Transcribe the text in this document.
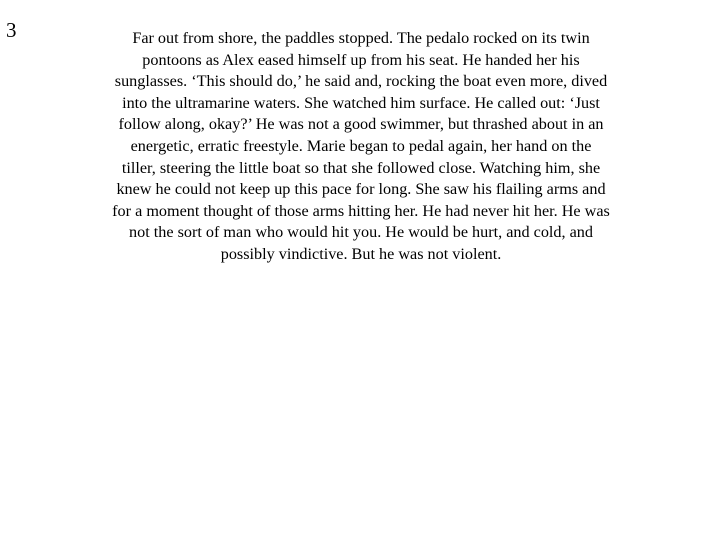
3	Far out from shore, the paddles stopped. The pedalo rocked on its twin pontoons as Alex eased himself up from his seat. He handed her his sunglasses. ‘This should do,’ he said and, rocking the boat even more, dived into the ultramarine waters. She watched him surface. He called out: ‘Just follow along, okay?’ He was not a good swimmer, but thrashed about in an energetic, erratic freestyle. Marie began to pedal again, her hand on the tiller, steering the little boat so that she followed close. Watching him, she knew he could not keep up this pace for long. She saw his flailing arms and for a moment thought of those arms hitting her. He had never hit her. He was not the sort of man who would hit you. He would be hurt, and cold, and possibly vindictive. But he was not violent.
